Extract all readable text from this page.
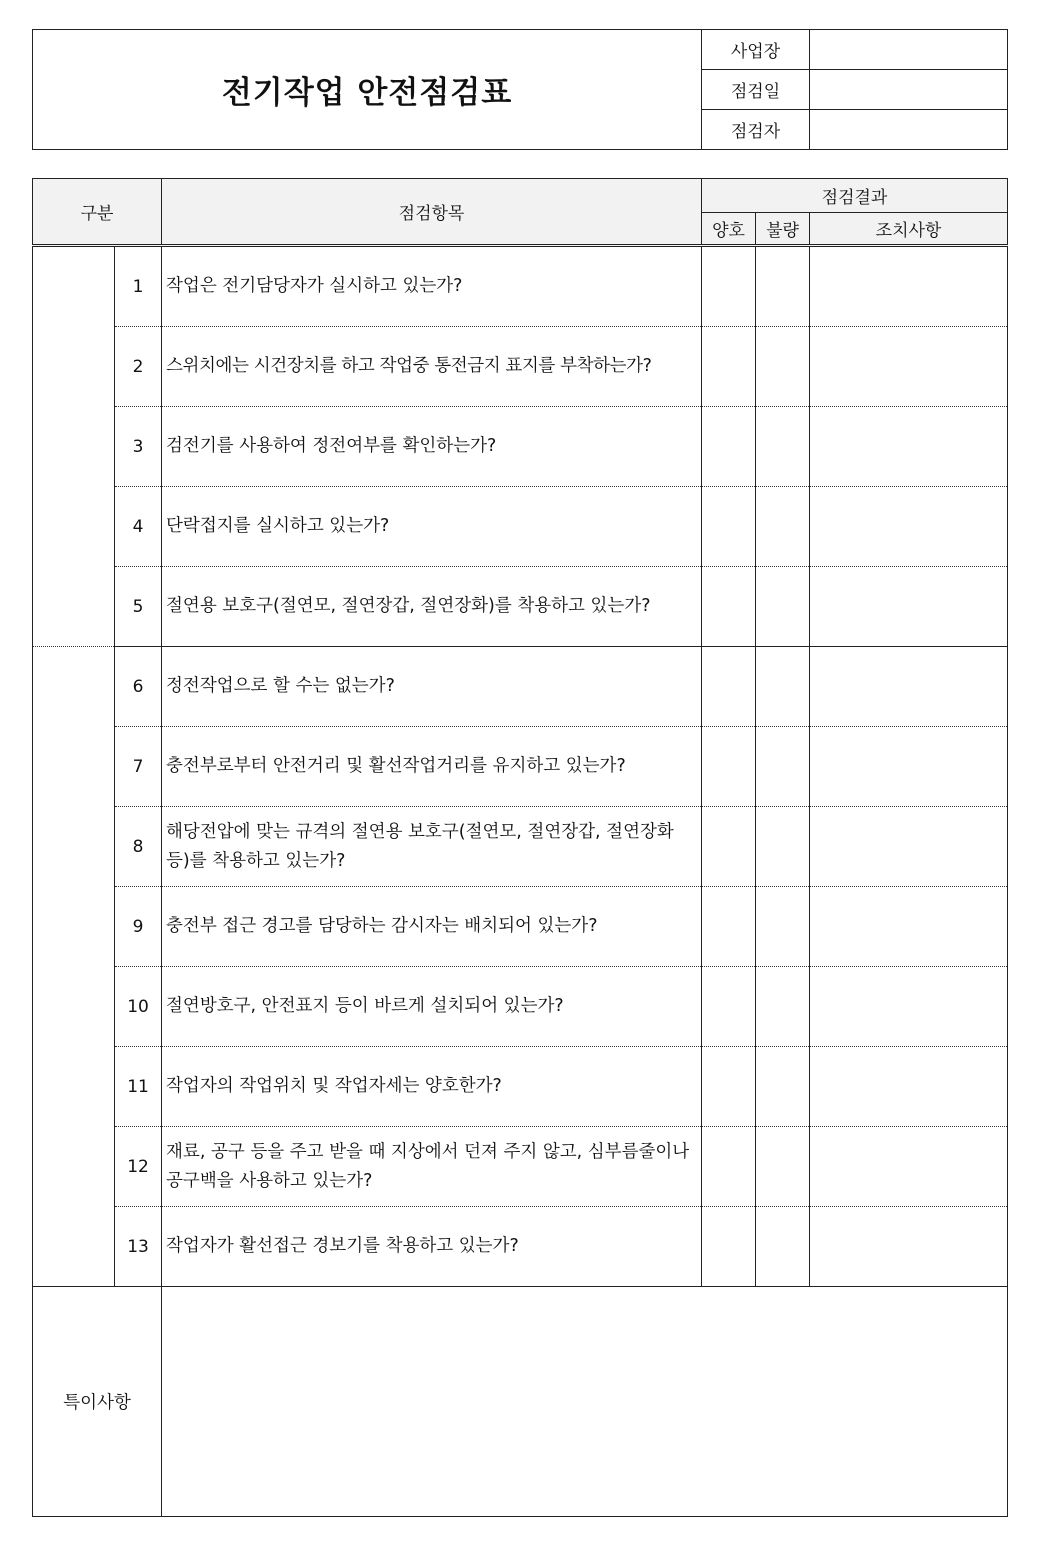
전기작업 안전점검표	사업장	
	점검일	
	점검자	
구분		점검항목	점검결과		
			양호	불량	조치사항
	1	작업은 전기담당자가 실시하고 있는가?			
	2	스위치에는 시건장치를 하고 작업중 통전금지 표지를 부착하는가?			
	3	검전기를 사용하여 정전여부를 확인하는가?			
	4	단락접지를 실시하고 있는가?			
	5	절연용 보호구(절연모, 절연장갑, 절연장화)를 착용하고 있는가?			
	6	정전작업으로 할 수는 없는가?			
	7	충전부로부터 안전거리 및 활선작업거리를 유지하고 있는가?			
	8	해당전압에 맞는 규격의 절연용 보호구(절연모, 절연장갑, 절연장화 등)를 착용하고 있는가?			
	9	충전부 접근 경고를 담당하는 감시자는 배치되어 있는가?			
	10	절연방호구, 안전표지 등이 바르게 설치되어 있는가?			
	11	작업자의 작업위치 및 작업자세는 양호한가?			
	12	재료, 공구 등을 주고 받을 때 지상에서 던져 주지 않고, 심부름줄이나 공구백을 사용하고 있는가?			
	13	작업자가 활선접근 경보기를 착용하고 있는가?			
특이사항					
